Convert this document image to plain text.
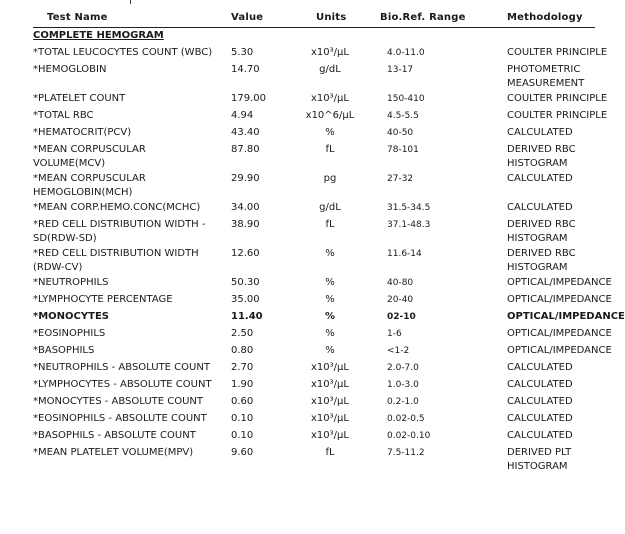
Test Name	Value	Units	Bio.Ref. Range	Methodology
COMPLETE HEMOGRAM
*TOTAL LEUCOCYTES COUNT (WBC)	5.30	x10³/μL	4.0-11.0	COULTER PRINCIPLE
*HEMOGLOBIN	14.70	g/dL	13-17	PHOTOMETRIC
MEASUREMENT
*PLATELET COUNT	179.00	x10³/μL	150-410	COULTER PRINCIPLE
*TOTAL RBC	4.94	x10^6/μL	4.5-5.5	COULTER PRINCIPLE
*HEMATOCRIT(PCV)	43.40	%	40-50	CALCULATED
*MEAN CORPUSCULAR
VOLUME(MCV)
87.80	fL	78-101	DERIVED RBC
HISTOGRAM
*MEAN CORPUSCULAR
HEMOGLOBIN(MCH)
29.90	pg	27-32	CALCULATED
*MEAN CORP.HEMO.CONC(MCHC)	34.00	g/dL	31.5-34.5	CALCULATED
*RED CELL DISTRIBUTION WIDTH -
SD(RDW-SD)
38.90	fL	37.1-48.3	DERIVED RBC
HISTOGRAM
*RED CELL DISTRIBUTION WIDTH
(RDW-CV)
12.60	%	11.6-14	DERIVED RBC
HISTOGRAM
*NEUTROPHILS	50.30	%	40-80	OPTICAL/IMPEDANCE
*LYMPHOCYTE PERCENTAGE	35.00	%	20-40	OPTICAL/IMPEDANCE
*MONOCYTES	11.40	%	02-10	OPTICAL/IMPEDANCE
*EOSINOPHILS	2.50	%	1-6	OPTICAL/IMPEDANCE
*BASOPHILS	0.80	%	<1-2	OPTICAL/IMPEDANCE
*NEUTROPHILS - ABSOLUTE COUNT	2.70	x10³/μL	2.0-7.0	CALCULATED
*LYMPHOCYTES - ABSOLUTE COUNT	1.90	x10³/μL	1.0-3.0	CALCULATED
*MONOCYTES - ABSOLUTE COUNT	0.60	x10³/μL	0.2-1.0	CALCULATED
*EOSINOPHILS - ABSOLUTE COUNT	0.10	x10³/μL	0.02-0.5	CALCULATED
*BASOPHILS - ABSOLUTE COUNT	0.10	x10³/μL	0.02-0.10	CALCULATED
*MEAN PLATELET VOLUME(MPV)	9.60	fL	7.5-11.2	DERIVED PLT
HISTOGRAM
